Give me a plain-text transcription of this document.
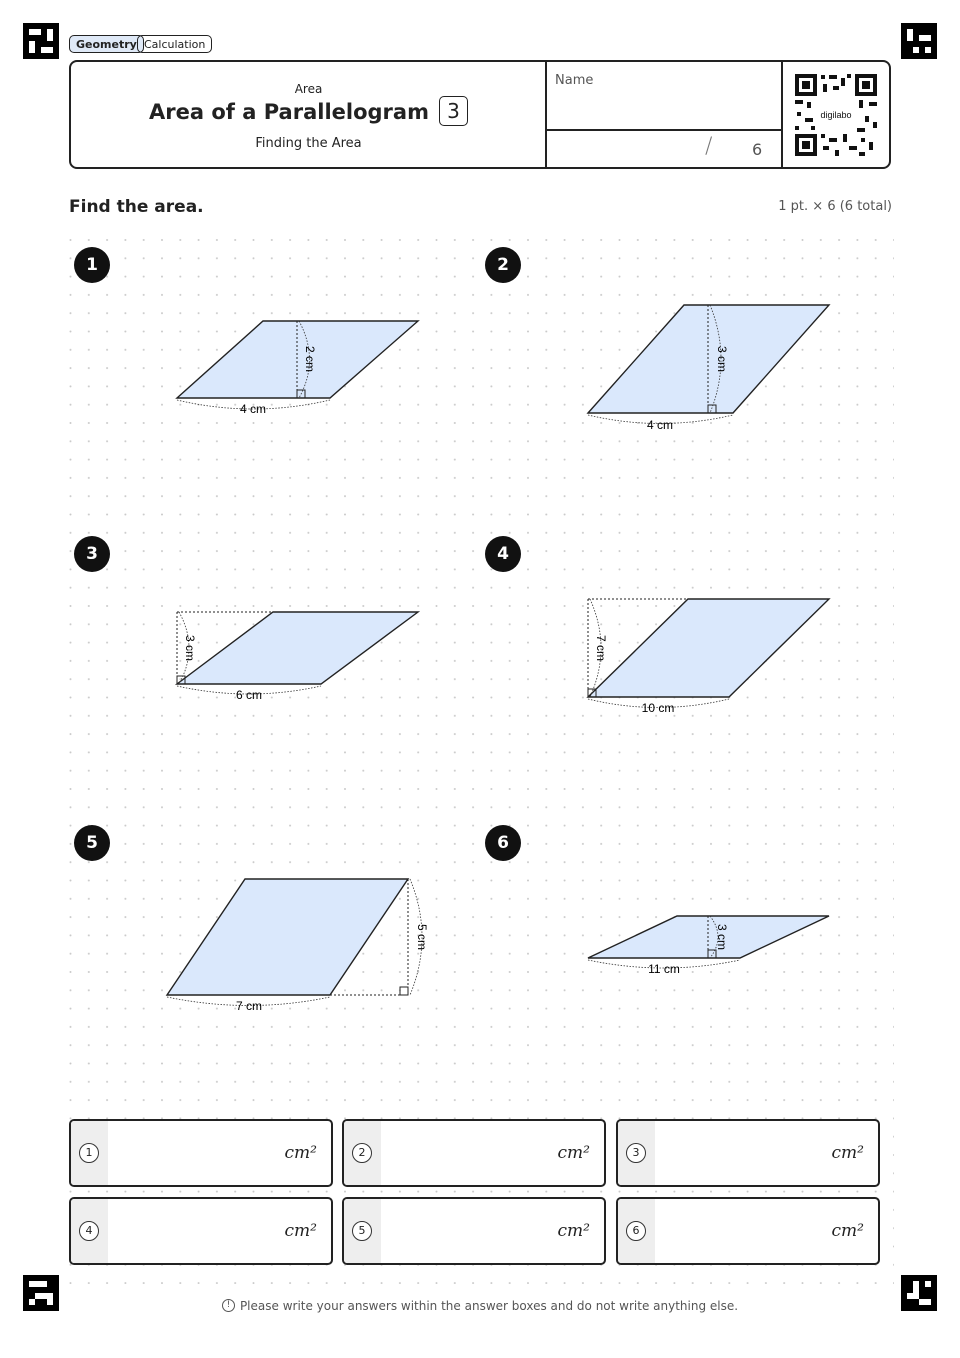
Geometry Calculation
Area
Area of a Parallelogram 3
Finding the Area
Name
/ 6
digilabo
Find the area.	1 pt. × 6 (6 total)
1	2
3	4
5	6
4 cm
2 cm
4 cm
3 cm
6 cm
3 cm
10 cm
7 cm
7 cm
5 cm
11 cm
3 cm
1	cm²	2	cm²	3	cm²
4	cm²	5	cm²	6	cm²
! Please write your answers within the answer boxes and do not write anything else.
